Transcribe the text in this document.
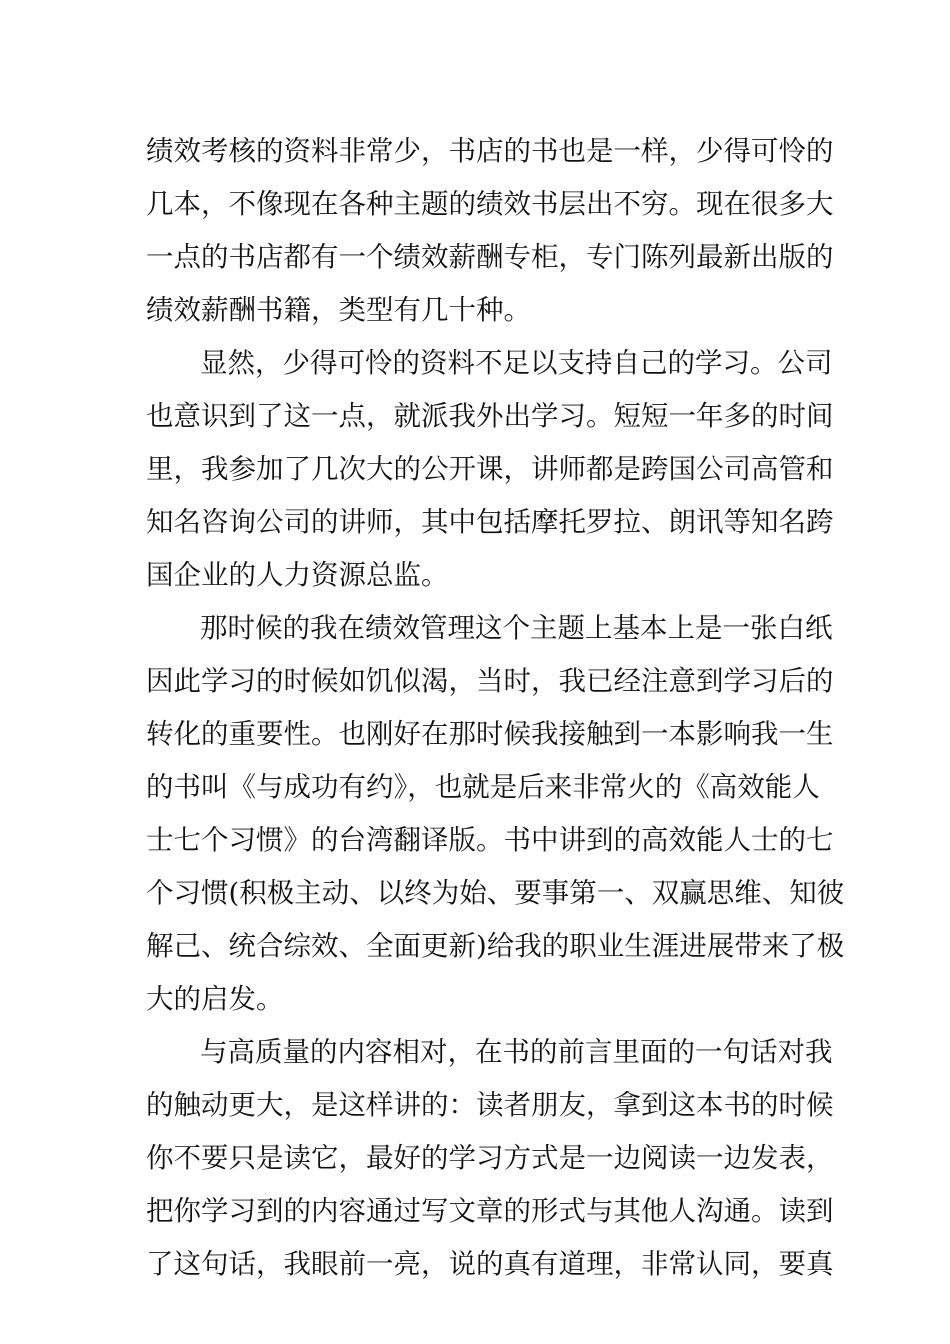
绩效考核的资料非常少，书店的书也是一样，少得可怜的
几本，不像现在各种主题的绩效书层出不穷。现在很多大
一点的书店都有一个绩效薪酬专柜，专门陈列最新出版的
绩效薪酬书籍，类型有几十种。
显然，少得可怜的资料不足以支持自己的学习。公司
也意识到了这一点，就派我外出学习。短短一年多的时间
里，我参加了几次大的公开课，讲师都是跨国公司高管和
知名咨询公司的讲师，其中包括摩托罗拉、朗讯等知名跨
国企业的人力资源总监。
那时候的我在绩效管理这个主题上基本上是一张白纸
因此学习的时候如饥似渴，当时，我已经注意到学习后的
转化的重要性。也刚好在那时候我接触到一本影响我一生
的书叫《与成功有约》，也就是后来非常火的《高效能人
士七个习惯》的台湾翻译版。书中讲到的高效能人士的七
个习惯(积极主动、以终为始、要事第一、双赢思维、知彼
解己、统合综效、全面更新)给我的职业生涯进展带来了极
大的启发。
与高质量的内容相对，在书的前言里面的一句话对我
的触动更大，是这样讲的：读者朋友，拿到这本书的时候
你不要只是读它，最好的学习方式是一边阅读一边发表，
把你学习到的内容通过写文章的形式与其他人沟通。读到
了这句话，我眼前一亮，说的真有道理，非常认同，要真
